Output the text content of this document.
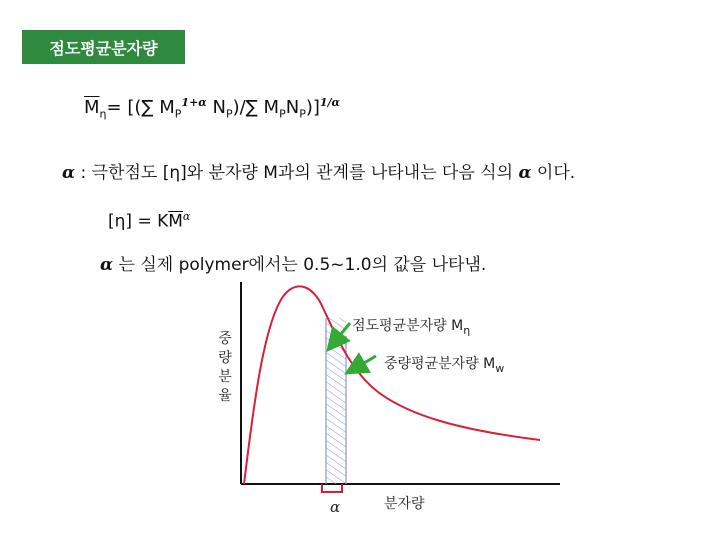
점도평균분자량
$\overline{M}_\eta=$ [(∑ $M_P^{1+\alpha}$ $N_P)/\sum$ $M_PN_P)]^{1/\alpha}$
α : 극한점도 [η]와 분자량 M과의 관계를 나타내는 다음 식의 α 이다.
$[\eta] = K\overline{M}^\alpha$
α 는 실제 polymer에서는 0.5~1.0의 값을 나타냄.
중
량
분
율
점도평균분자량 $M_\eta$
중량평균분자량 $M_w$
α	분자량
